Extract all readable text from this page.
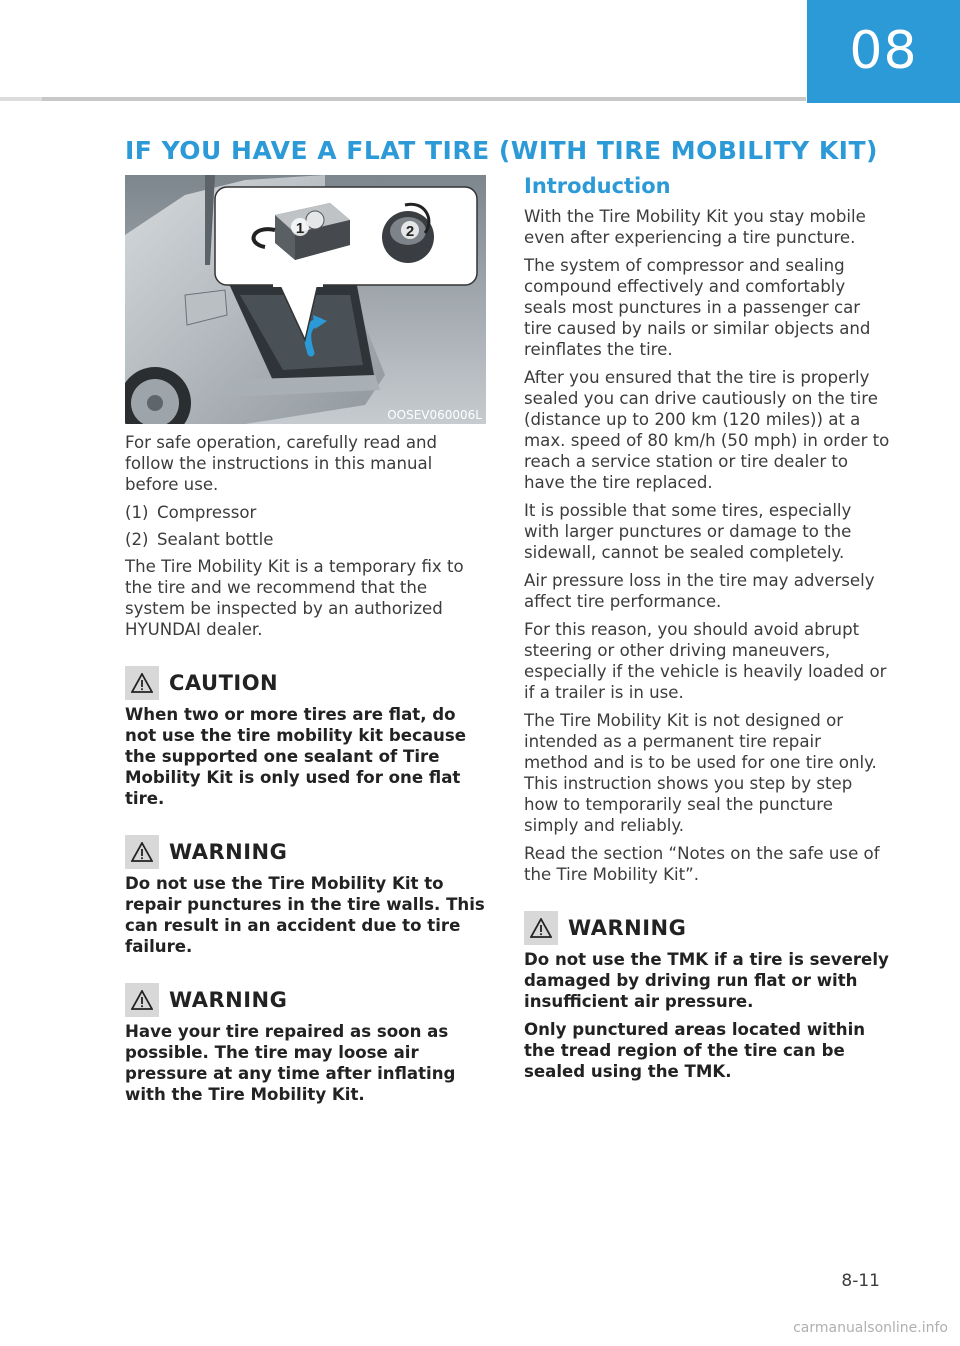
08
IF YOU HAVE A FLAT TIRE (WITH TIRE MOBILITY KIT)
1	2
OOSEV060006L

For safe operation, carefully read and follow the instructions in this manual before use.

(1) Compressor
(2) Sealant bottle

The Tire Mobility Kit is a temporary fix to the tire and we recommend that the system be inspected by an authorized HYUNDAI dealer.

CAUTION

When two or more tires are flat, do not use the tire mobility kit because the supported one sealant of Tire Mobility Kit is only used for one flat tire.

WARNING

Do not use the Tire Mobility Kit to repair punctures in the tire walls. This can result in an accident due to tire failure.

WARNING

Have your tire repaired as soon as possible. The tire may loose air pressure at any time after inflating with the Tire Mobility Kit.

Introduction

With the Tire Mobility Kit you stay mobile even after experiencing a tire puncture.

The system of compressor and sealing compound effectively and comfortably seals most punctures in a passenger car tire caused by nails or similar objects and reinflates the tire.

After you ensured that the tire is properly sealed you can drive cautiously on the tire (distance up to 200 km (120 miles)) at a max. speed of 80 km/h (50 mph) in order to reach a service station or tire dealer to have the tire replaced.

It is possible that some tires, especially with larger punctures or damage to the sidewall, cannot be sealed completely.

Air pressure loss in the tire may adversely affect tire performance.

For this reason, you should avoid abrupt steering or other driving maneuvers, especially if the vehicle is heavily loaded or if a trailer is in use.

The Tire Mobility Kit is not designed or intended as a permanent tire repair method and is to be used for one tire only. This instruction shows you step by step how to temporarily seal the puncture simply and reliably.

Read the section “Notes on the safe use of the Tire Mobility Kit”.

WARNING

Do not use the TMK if a tire is severely damaged by driving run flat or with insufficient air pressure.

Only punctured areas located within the tread region of the tire can be sealed using the TMK.

8-11
carmanualsonline.info
